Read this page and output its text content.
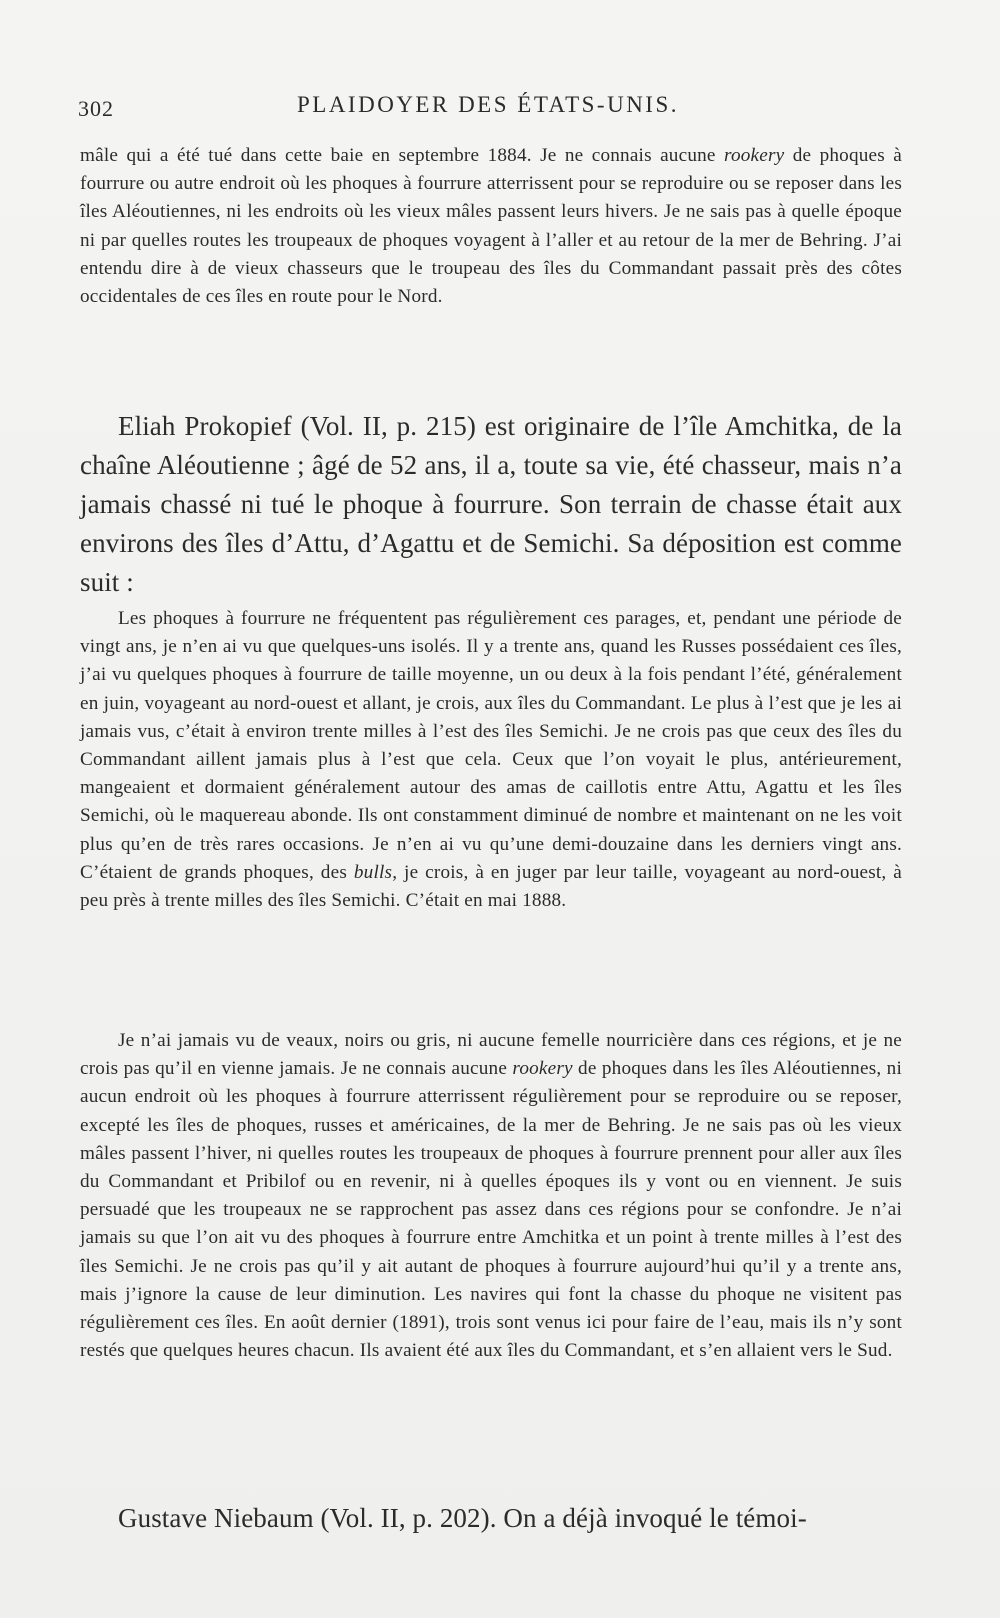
302	PLAIDOYER DES ÉTATS-UNIS.

mâle qui a été tué dans cette baie en septembre 1884. Je ne connais aucune rookery de phoques à fourrure ou autre endroit où les phoques à fourrure atterrissent pour se reproduire ou se reposer dans les îles Aléoutiennes, ni les endroits où les vieux mâles passent leurs hivers. Je ne sais pas à quelle époque ni par quelles routes les troupeaux de phoques voyagent à l’aller et au retour de la mer de Behring. J’ai entendu dire à de vieux chasseurs que le troupeau des îles du Commandant passait près des côtes occidentales de ces îles en route pour le Nord.

Eliah Prokopief (Vol. II, p. 215) est originaire de l’île Amchitka, de la chaîne Aléoutienne ; âgé de 52 ans, il a, toute sa vie, été chasseur, mais n’a jamais chassé ni tué le phoque à fourrure. Son terrain de chasse était aux environs des îles d’Attu, d’Agattu et de Semichi. Sa déposition est comme suit :

Les phoques à fourrure ne fréquentent pas régulièrement ces parages, et, pendant une période de vingt ans, je n’en ai vu que quelques-uns isolés. Il y a trente ans, quand les Russes possédaient ces îles, j’ai vu quelques phoques à fourrure de taille moyenne, un ou deux à la fois pendant l’été, généralement en juin, voyageant au nord-ouest et allant, je crois, aux îles du Commandant. Le plus à l’est que je les ai jamais vus, c’était à environ trente milles à l’est des îles Semichi. Je ne crois pas que ceux des îles du Commandant aillent jamais plus à l’est que cela. Ceux que l’on voyait le plus, antérieurement, mangeaient et dormaient généralement autour des amas de caillotis entre Attu, Agattu et les îles Semichi, où le maquereau abonde. Ils ont constamment diminué de nombre et maintenant on ne les voit plus qu’en de très rares occasions. Je n’en ai vu qu’une demi-douzaine dans les derniers vingt ans. C’étaient de grands phoques, des bulls, je crois, à en juger par leur taille, voyageant au nord-ouest, à peu près à trente milles des îles Semichi. C’était en mai 1888.

Je n’ai jamais vu de veaux, noirs ou gris, ni aucune femelle nourricière dans ces régions, et je ne crois pas qu’il en vienne jamais. Je ne connais aucune rookery de phoques dans les îles Aléoutiennes, ni aucun endroit où les phoques à fourrure atterrissent régulièrement pour se reproduire ou se reposer, excepté les îles de phoques, russes et américaines, de la mer de Behring. Je ne sais pas où les vieux mâles passent l’hiver, ni quelles routes les troupeaux de phoques à fourrure prennent pour aller aux îles du Commandant et Pribilof ou en revenir, ni à quelles époques ils y vont ou en viennent. Je suis persuadé que les troupeaux ne se rapprochent pas assez dans ces régions pour se confondre. Je n’ai jamais su que l’on ait vu des phoques à fourrure entre Amchitka et un point à trente milles à l’est des îles Semichi. Je ne crois pas qu’il y ait autant de phoques à fourrure aujourd’hui qu’il y a trente ans, mais j’ignore la cause de leur diminution. Les navires qui font la chasse du phoque ne visitent pas régulièrement ces îles. En août dernier (1891), trois sont venus ici pour faire de l’eau, mais ils n’y sont restés que quelques heures chacun. Ils avaient été aux îles du Commandant, et s’en allaient vers le Sud.

Gustave Niebaum (Vol. II, p. 202). On a déjà invoqué le témoi-
